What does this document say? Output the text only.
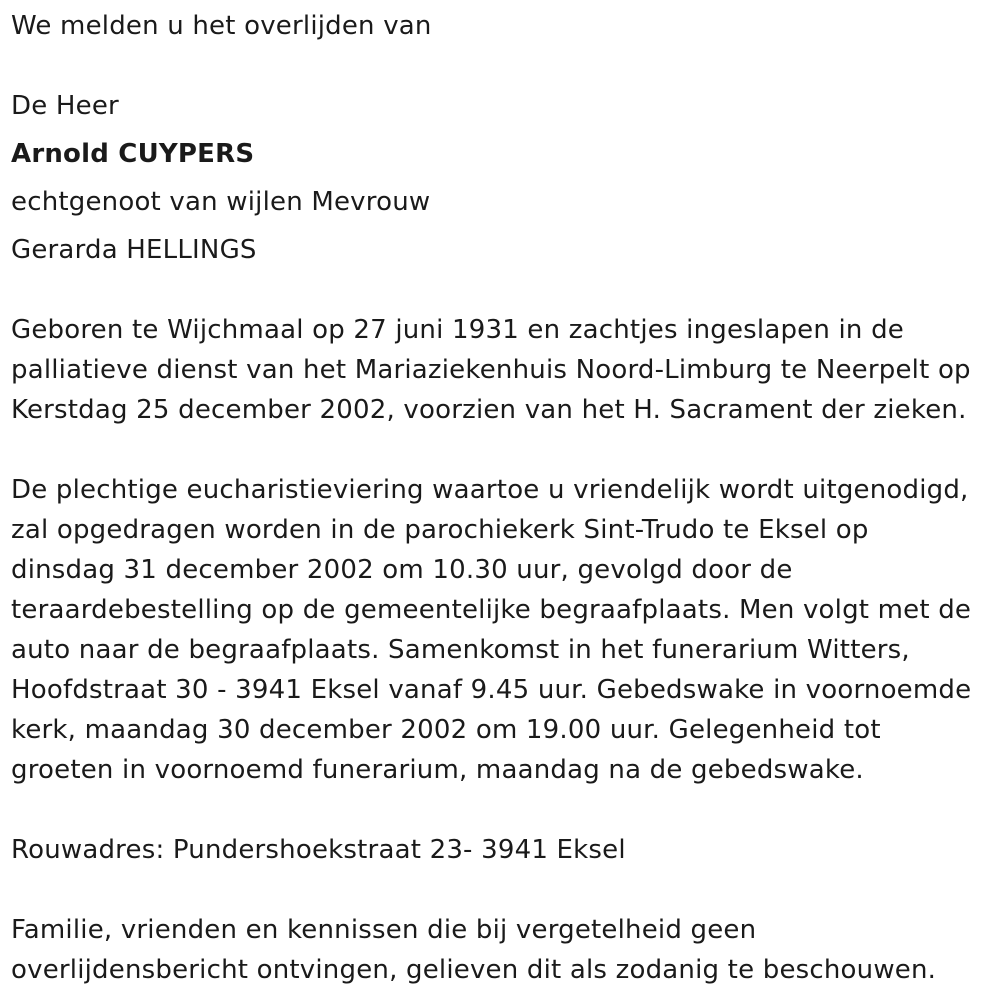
We melden u het overlijden van
De Heer
Arnold CUYPERS
echtgenoot van wijlen Mevrouw
Gerarda HELLINGS
Geboren te Wijchmaal op 27 juni 1931 en zachtjes ingeslapen in de
palliatieve dienst van het Mariaziekenhuis Noord-Limburg te Neerpelt op
Kerstdag 25 december 2002, voorzien van het H. Sacrament der zieken.
De plechtige eucharistieviering waartoe u vriendelijk wordt uitgenodigd,
zal opgedragen worden in de parochiekerk Sint-Trudo te Eksel op
dinsdag 31 december 2002 om 10.30 uur, gevolgd door de
teraardebestelling op de gemeentelijke begraafplaats. Men volgt met de
auto naar de begraafplaats. Samenkomst in het funerarium Witters,
Hoofdstraat 30 - 3941 Eksel vanaf 9.45 uur. Gebedswake in voornoemde
kerk, maandag 30 december 2002 om 19.00 uur. Gelegenheid tot
groeten in voornoemd funerarium, maandag na de gebedswake.
Rouwadres: Pundershoekstraat 23- 3941 Eksel
Familie, vrienden en kennissen die bij vergetelheid geen
overlijdensbericht ontvingen, gelieven dit als zodanig te beschouwen.
